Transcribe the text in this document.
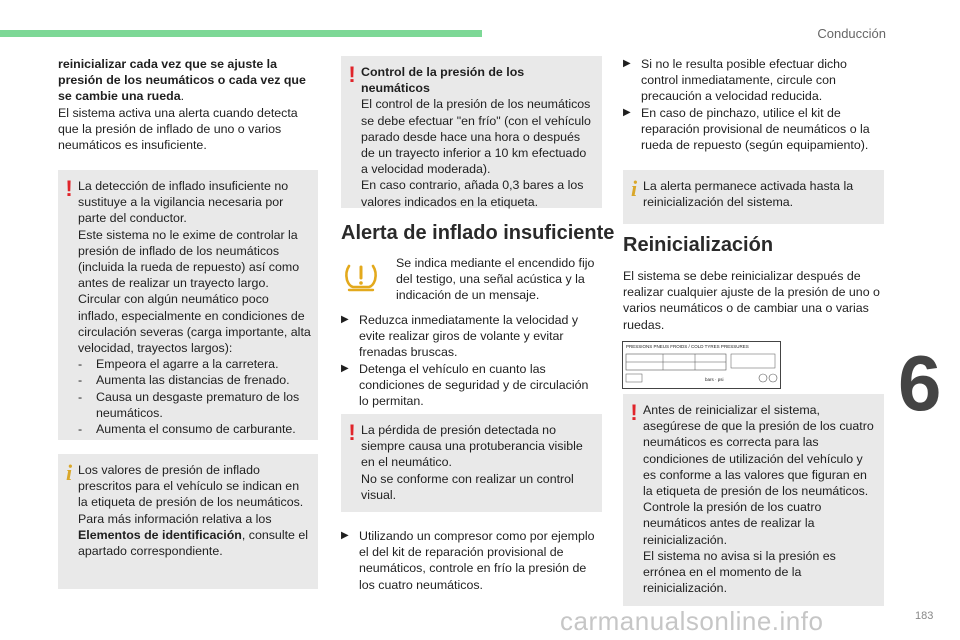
Conducción
6
183
carmanualsonline.info

reinicializar cada vez que se ajuste la presión de los neumáticos o cada vez que se cambie una rueda.

El sistema activa una alerta cuando detecta que la presión de inflado de uno o varios neumáticos es insuficiente.

! La detección de inflado insuficiente no sustituye a la vigilancia necesaria por parte del conductor.

Este sistema no le exime de controlar la presión de inflado de los neumáticos (incluida la rueda de repuesto) así como antes de realizar un trayecto largo.

Circular con algún neumático poco inflado, especialmente en condiciones de circulación severas (carga importante, alta velocidad, trayectos largos):

-	Empeora el agarre a la carretera.
-	Aumenta las distancias de frenado.
-	Causa un desgaste prematuro de los neumáticos.
-	Aumenta el consumo de carburante.
i Los valores de presión de inflado prescritos para el vehículo se indican en la etiqueta de presión de los neumáticos.

Para más información relativa a los Elementos de identificación, consulte el apartado correspondiente.

! Control de la presión de los neumáticos

El control de la presión de los neumáticos se debe efectuar "en frío" (con el vehículo parado desde hace una hora o después de un trayecto inferior a 10 km efectuado a velocidad moderada).

En caso contrario, añada 0,3 bares a los valores indicados en la etiqueta.

Alerta de inflado insuficiente
Se indica mediante el encendido fijo del testigo, una señal acústica y la indicación de un mensaje.
▶ Reduzca inmediatamente la velocidad y evite realizar giros de volante y evitar frenadas bruscas.
▶ Detenga el vehículo en cuanto las condiciones de seguridad y de circulación lo permitan.
! La pérdida de presión detectada no siempre causa una protuberancia visible en el neumático.

No se conforme con realizar un control visual.

▶ Utilizando un compresor como por ejemplo el del kit de reparación provisional de neumáticos, controle en frío la presión de los cuatro neumáticos.
▶ Si no le resulta posible efectuar dicho control inmediatamente, circule con precaución a velocidad reducida.
▶ En caso de pinchazo, utilice el kit de reparación provisional de neumáticos o la rueda de repuesto (según equipamiento).
i La alerta permanece activada hasta la reinicialización del sistema.
Reinicialización
El sistema se debe reinicializar después de realizar cualquier ajuste de la presión de uno o varios neumáticos o de cambiar una o varias ruedas.
PRESSIONS PNEUS FROIDS / COLD TYRES PRESSURES
bars · psi
! Antes de reinicializar el sistema, asegúrese de que la presión de los cuatro neumáticos es correcta para las condiciones de utilización del vehículo y es conforme a las valores que figuran en la etiqueta de presión de los neumáticos.

Controle la presión de los cuatro neumáticos antes de realizar la reinicialización.

El sistema no avisa si la presión es errónea en el momento de la reinicialización.
